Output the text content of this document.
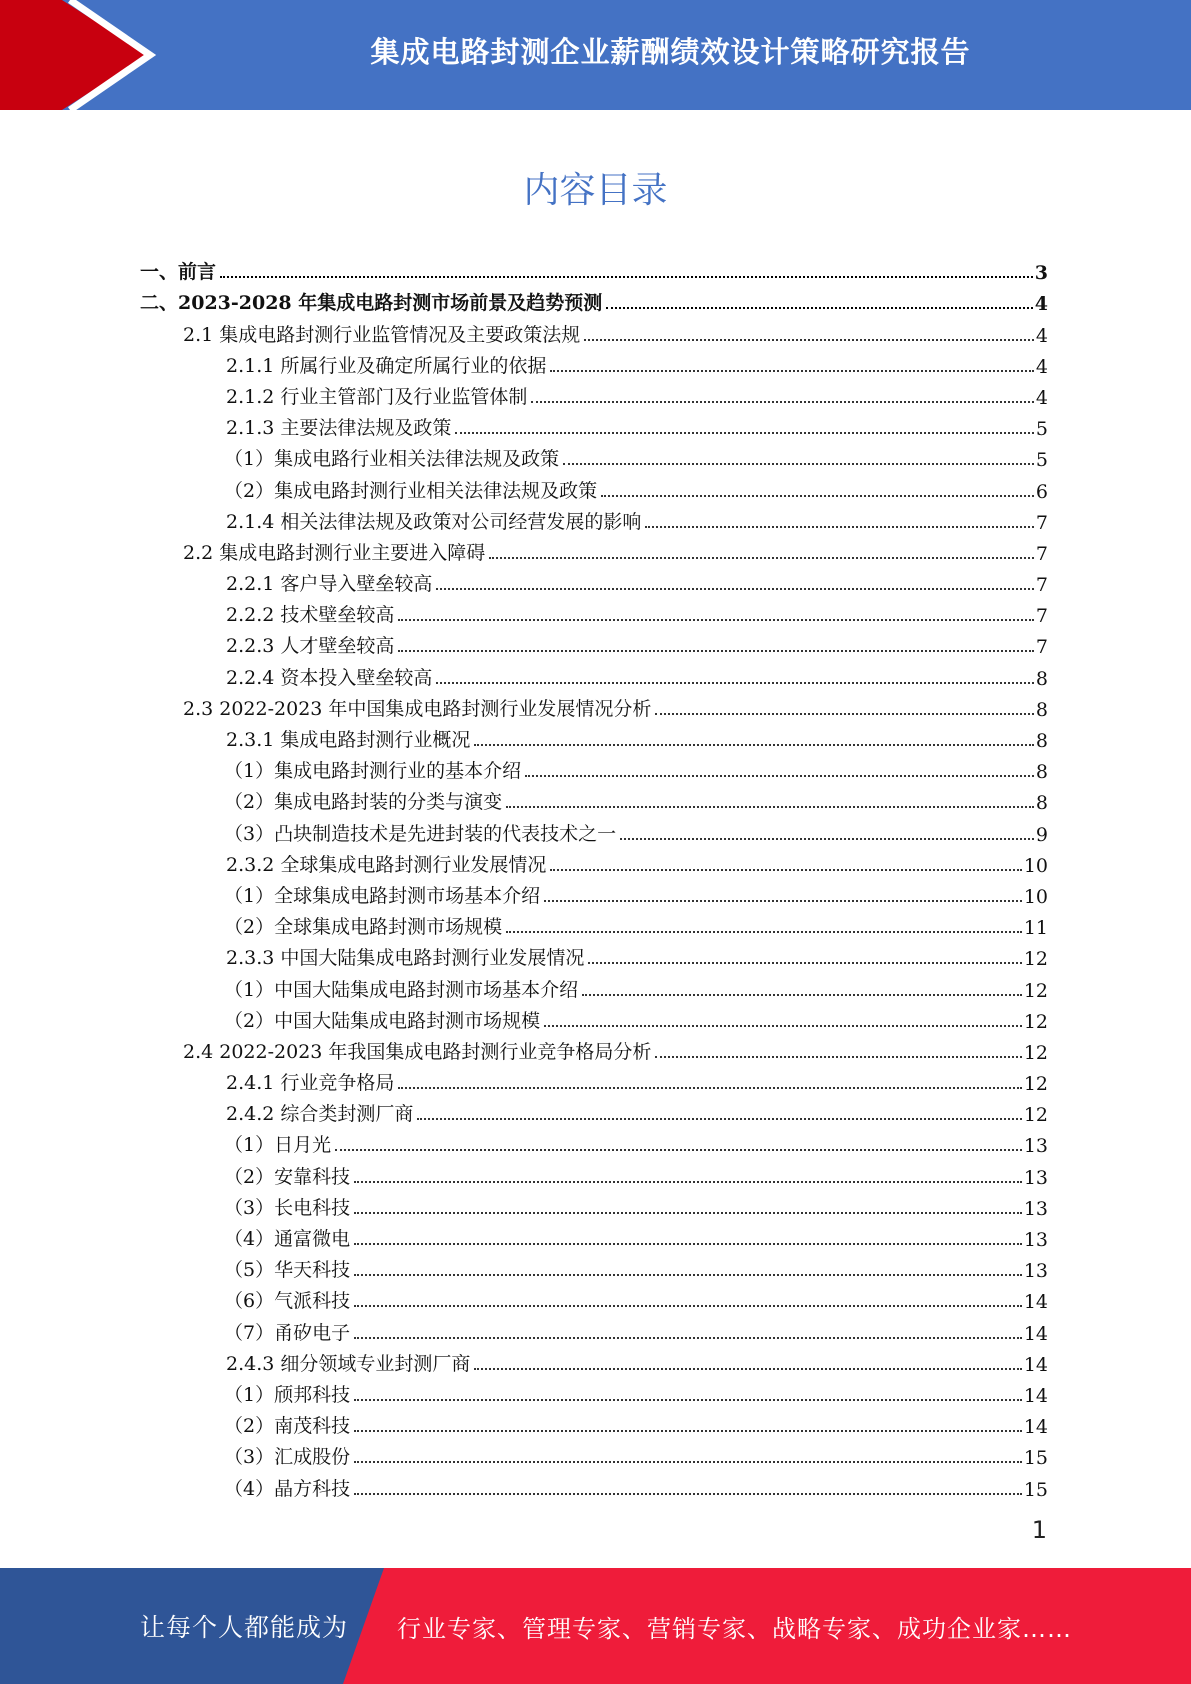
集成电路封测企业薪酬绩效设计策略研究报告
内容目录
一、前言	3
二、2023-2028 年集成电路封测市场前景及趋势预测	4
2.1 集成电路封测行业监管情况及主要政策法规	4
2.1.1 所属行业及确定所属行业的依据	4
2.1.2 行业主管部门及行业监管体制	4
2.1.3 主要法律法规及政策	5
（1）集成电路行业相关法律法规及政策	5
（2）集成电路封测行业相关法律法规及政策	6
2.1.4 相关法律法规及政策对公司经营发展的影响	7
2.2 集成电路封测行业主要进入障碍	7
2.2.1 客户导入壁垒较高	7
2.2.2 技术壁垒较高	7
2.2.3 人才壁垒较高	7
2.2.4 资本投入壁垒较高	8
2.3 2022-2023 年中国集成电路封测行业发展情况分析	8
2.3.1 集成电路封测行业概况	8
（1）集成电路封测行业的基本介绍	8
（2）集成电路封装的分类与演变	8
（3）凸块制造技术是先进封装的代表技术之一	9
2.3.2 全球集成电路封测行业发展情况	10
（1）全球集成电路封测市场基本介绍	10
（2）全球集成电路封测市场规模	11
2.3.3 中国大陆集成电路封测行业发展情况	12
（1）中国大陆集成电路封测市场基本介绍	12
（2）中国大陆集成电路封测市场规模	12
2.4 2022-2023 年我国集成电路封测行业竞争格局分析	12
2.4.1 行业竞争格局	12
2.4.2 综合类封测厂商	12
（1）日月光	13
（2）安靠科技	13
（3）长电科技	13
（4）通富微电	13
（5）华天科技	13
（6）气派科技	14
（7）甬矽电子	14
2.4.3 细分领域专业封测厂商	14
（1）颀邦科技	14
（2）南茂科技	14
（3）汇成股份	15
（4）晶方科技	15
1
让每个人都能成为 行业专家、管理专家、营销专家、战略专家、成功企业家……
